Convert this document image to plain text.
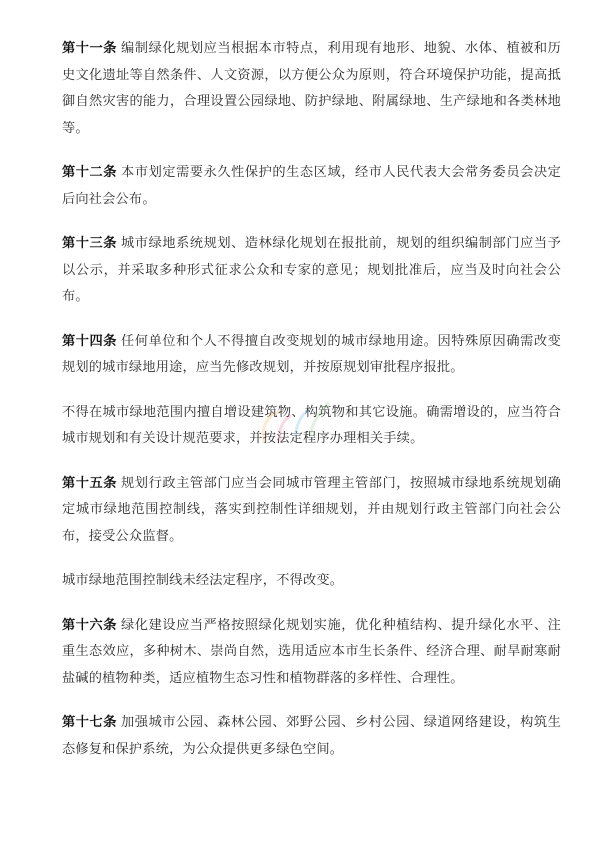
第十一条 编制绿化规划应当根据本市特点，利用现有地形、地貌、水体、植被和历史文化遗址等自然条件、人文资源，以方便公众为原则，符合环境保护功能，提高抵御自然灾害的能力，合理设置公园绿地、防护绿地、附属绿地、生产绿地和各类林地等。

第十二条 本市划定需要永久性保护的生态区域，经市人民代表大会常务委员会决定后向社会公布。

第十三条 城市绿地系统规划、造林绿化规划在报批前，规划的组织编制部门应当予以公示，并采取多种形式征求公众和专家的意见；规划批准后，应当及时向社会公布。

第十四条 任何单位和个人不得擅自改变规划的城市绿地用途。因特殊原因确需改变规划的城市绿地用途，应当先修改规划，并按原规划审批程序报批。

不得在城市绿地范围内擅自增设建筑物、构筑物和其它设施。确需增设的，应当符合城市规划和有关设计规范要求，并按法定程序办理相关手续。

第十五条 规划行政主管部门应当会同城市管理主管部门，按照城市绿地系统规划确定城市绿地范围控制线，落实到控制性详细规划，并由规划行政主管部门向社会公布，接受公众监督。

城市绿地范围控制线未经法定程序，不得改变。

第十六条 绿化建设应当严格按照绿化规划实施，优化种植结构、提升绿化水平、注重生态效应，多种树木、崇尚自然，选用适应本市生长条件、经济合理、耐旱耐寒耐盐碱的植物种类，适应植物生态习性和植物群落的多样性、合理性。

第十七条 加强城市公园、森林公园、郊野公园、乡村公园、绿道网络建设，构筑生态修复和保护系统，为公众提供更多绿色空间。
